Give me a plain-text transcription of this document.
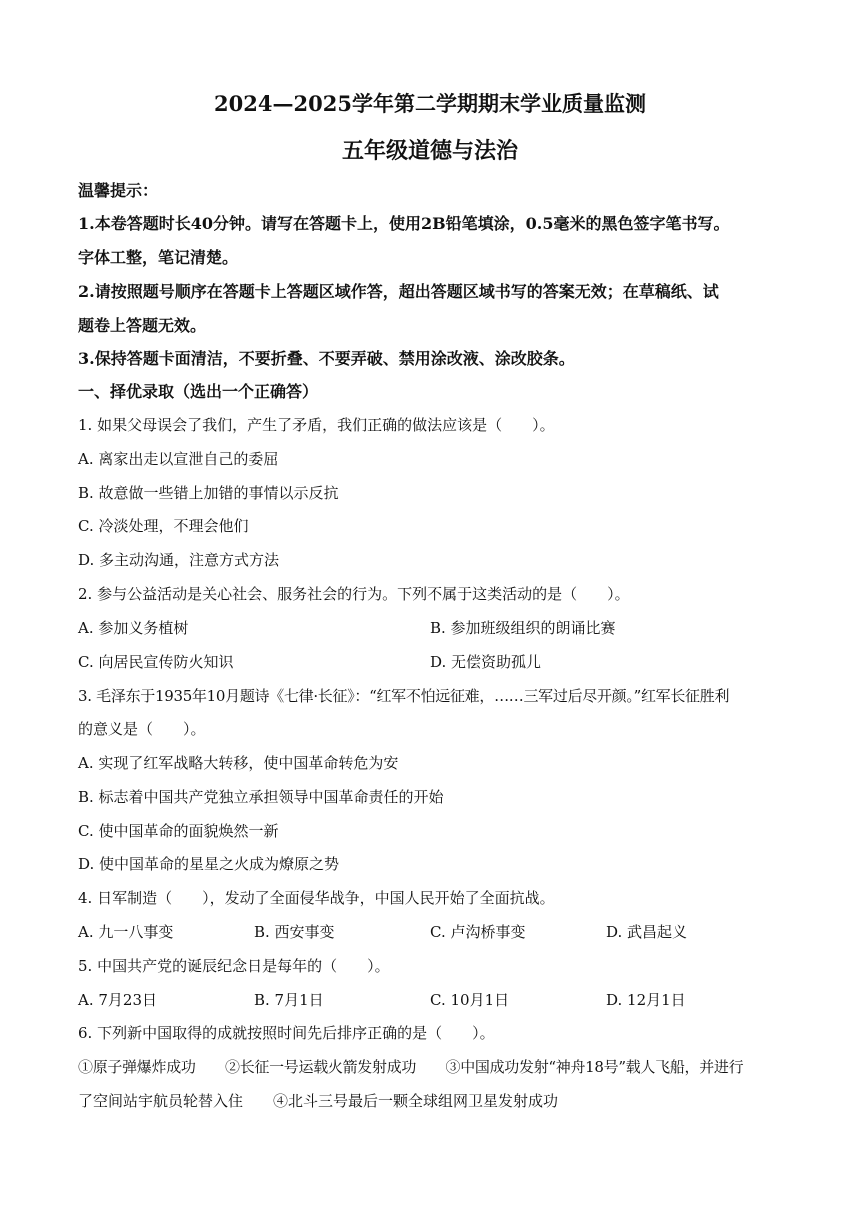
2024—2025学年第二学期期末学业质量监测
五年级道德与法治
温馨提示：
1.本卷答题时长40分钟。请写在答题卡上，使用2B铅笔填涂，0.5毫米的黑色签字笔书写。
字体工整，笔记清楚。
2.请按照题号顺序在答题卡上答题区域作答，超出答题区域书写的答案无效；在草稿纸、试
题卷上答题无效。
3.保持答题卡面清洁，不要折叠、不要弄破、禁用涂改液、涂改胶条。
一、择优录取（选出一个正确答）
1. 如果父母误会了我们，产生了矛盾，我们正确的做法应该是（　　）。
A. 离家出走以宣泄自己的委屈
B. 故意做一些错上加错的事情以示反抗
C. 冷淡处理，不理会他们
D. 多主动沟通，注意方式方法
2. 参与公益活动是关心社会、服务社会的行为。下列不属于这类活动的是（　　）。
A. 参加义务植树	B. 参加班级组织的朗诵比赛
C. 向居民宣传防火知识	D. 无偿资助孤儿
3. 毛泽东于1935年10月题诗《七律·长征》：“红军不怕远征难，……三军过后尽开颜。”红军长征胜利
的意义是（　　）。
A. 实现了红军战略大转移，使中国革命转危为安
B. 标志着中国共产党独立承担领导中国革命责任的开始
C. 使中国革命的面貌焕然一新
D. 使中国革命的星星之火成为燎原之势
4. 日军制造（　　），发动了全面侵华战争，中国人民开始了全面抗战。
A. 九一八事变	B. 西安事变	C. 卢沟桥事变	D. 武昌起义
5. 中国共产党的诞辰纪念日是每年的（　　）。
A. 7月23日	B. 7月1日	C. 10月1日	D. 12月1日
6. 下列新中国取得的成就按照时间先后排序正确的是（　　）。
①原子弹爆炸成功　　②长征一号运载火箭发射成功　　③中国成功发射“神舟18号”载人飞船，并进行
了空间站宇航员轮替入住　　④北斗三号最后一颗全球组网卫星发射成功
